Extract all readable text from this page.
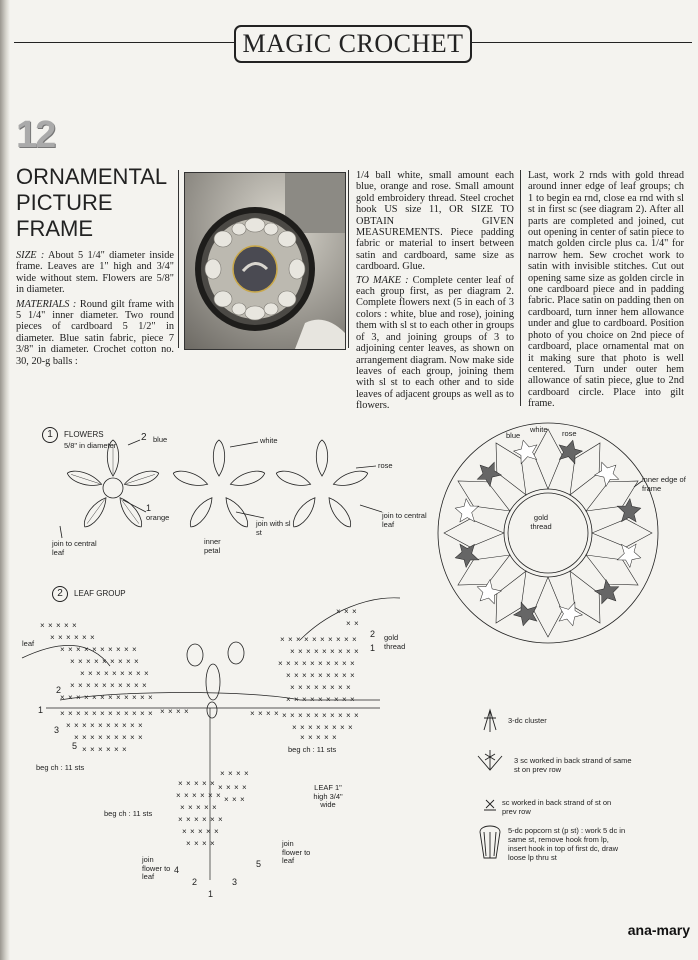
MAGIC CROCHET
12
ORNAMENTAL
PICTURE
FRAME

SIZE : About 5 1/4" diameter inside frame. Leaves are 1" high and 3/4" wide without stem. Flowers are 5/8" in diameter.

MATERIALS : Round gilt frame with 5 1/4" inner diameter. Two round pieces of cardboard 5 1/2" in diameter. Blue satin fabric, piece 7 3/8" in diameter. Crochet cotton no. 30, 20-g balls :

1/4 ball white, small amount each blue, orange and rose. Small amount gold embroidery thread. Steel crochet hook US size 11, OR SIZE TO OBTAIN GIVEN MEASUREMENTS. Piece padding fabric or material to insert between satin and cardboard, same size as cardboard. Glue.

TO MAKE : Complete center leaf of each group first, as per diagram 2. Complete flowers next (5 in each of 3 colors : white, blue and rose), joining them with sl st to each other in groups of 3, and joining groups of 3 to adjoining center leaves, as shown on arrangement diagram. Now make side leaves of each group, joining them with sl st to each other and to side leaves of adjacent groups as well as to flowers.

Last, work 2 rnds with gold thread around inner edge of leaf groups; ch 1 to begin ea rnd, close ea rnd with sl st in first sc (see diagram 2). After all parts are completed and joined, cut out opening in center of satin piece to match golden circle plus ca. 1/4" for narrow hem. Sew crochet work to satin with invisible stitches. Cut out opening same size as golden circle in one cardboard piece and in padding fabric. Place satin on padding then on cardboard, turn inner hem allowance under and glue to cardboard. Position photo of you choice on 2nd piece of cardboard, place ornamental mat on it making sure that photo is well centered. Turn under outer hem allowance of satin piece, glue to 2nd cardboard circle. Place into gilt frame.

× × × × ×
× × × × × ×
× × × × × × × × × ×
× × × × × × × × ×
× × × × × × × × ×
× × × × × × × × × ×
× × × × × × × × × × × ×
× × × × × × × × × × × ×
× × × × × × × × × ×
× × × × × × × × ×
× × × × × ×
× × × × × × × × × ×
× × × × × × × × ×
× × × × × × × × × ×
× × × × × × × × ×
× × × × × × × ×
× × × × × × × × ×
× × × × × × × × × ×
× × × × × × × ×
× × × × ×
× × ×
× ×
× × × × ×
× × × × × ×
× × × × ×
× × × × × ×
× × × × ×
× × × ×
× × × ×
× × × ×
× × ×
× × × ×	× × × ×
1 FLOWERS
5/8" in diameter
2 blue	white
rose
1
orange
join to central leaf
inner petal
join with sl st
join to central leaf
blue
white rose
inner edge of frame
gold thread
2 LEAF GROUP
leaf
2
1
gold thread
1
2
3
5
beg ch : 11 sts
beg ch : 11 sts
beg ch : 11 sts
LEAF 1" high 3/4" wide
join flower to leaf
join flower to leaf
4
2
1
3
5
3-dc cluster
3 sc worked in back strand of same st on prev row
sc worked in back strand of st on prev row
5-dc popcorn st (p st) : work 5 dc in same st, remove hook from lp, insert hook in top of first dc, draw loose lp thru st
ana-mary
